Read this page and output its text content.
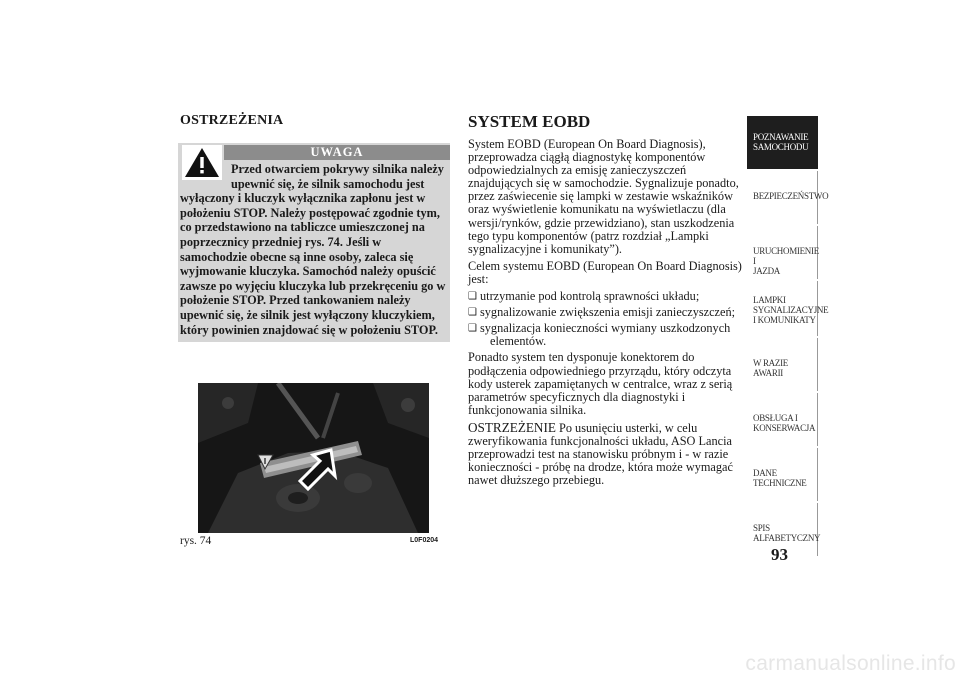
OSTRZEŻENIA
UWAGA
Przed otwarciem pokrywy silnika należy
upewnić się, że silnik samochodu jest
wyłączony i kluczyk wyłącznika zapłonu jest w położeniu STOP. Należy postępować zgodnie tym, co przedstawiono na tabliczce umieszczonej na poprzecznicy przedniej rys. 74. Jeśli w samochodzie obecne są inne osoby, zaleca się wyjmowanie kluczyka. Samochód należy opuścić zawsze po wyjęciu kluczyka lub przekręceniu go w położenie STOP. Przed tankowaniem należy upewnić się, że silnik jest wyłączony kluczykiem, który powinien znajdować się w położeniu STOP.
rys. 74	L0F0204
SYSTEM EOBD

System EOBD (European On Board Diagnosis), przeprowadza ciągłą diagnostykę komponentów odpowiedzialnych za emisję zanieczyszczeń znajdujących się w samochodzie. Sygnalizuje ponadto, przez zaświecenie się lampki w zestawie wskaźników oraz wyświetlenie komunikatu na wyświetlaczu (dla wersji/rynków, gdzie przewidziano), stan uszkodzenia tego typu komponentów (patrz rozdział „Lampki sygnalizacyjne i komunikaty”).

Celem systemu EOBD (European On Board Diagnosis) jest:

❑ utrzymanie pod kontrolą sprawności układu;
❑ sygnalizowanie zwiększenia emisji zanieczyszczeń;
❑ sygnalizacja konieczności wymiany uszkodzonych
elementów.

Ponadto system ten dysponuje konektorem do podłączenia odpowiedniego przyrządu, który odczyta kody usterek zapamiętanych w centralce, wraz z serią parametrów specyficznych dla diagnostyki i funkcjonowania silnika.

OSTRZEŻENIE Po usunięciu usterki, w celu zweryfikowania funkcjonalności układu, ASO Lancia przeprowadzi test na stanowisku próbnym i - w razie konieczności - próbę na drodze, która może wymagać nawet dłuższego przebiegu.

POZNAWANIE
SAMOCHODU
BEZPIECZEŃSTWO
URUCHOMIENIE I
JAZDA
LAMPKI
SYGNALIZACYJNE
I KOMUNIKATY
W RAZIE AWARII
OBSŁUGA I
KONSERWACJA
DANE
TECHNICZNE
SPIS
ALFABETYCZNY
93
carmanualsonline.info
